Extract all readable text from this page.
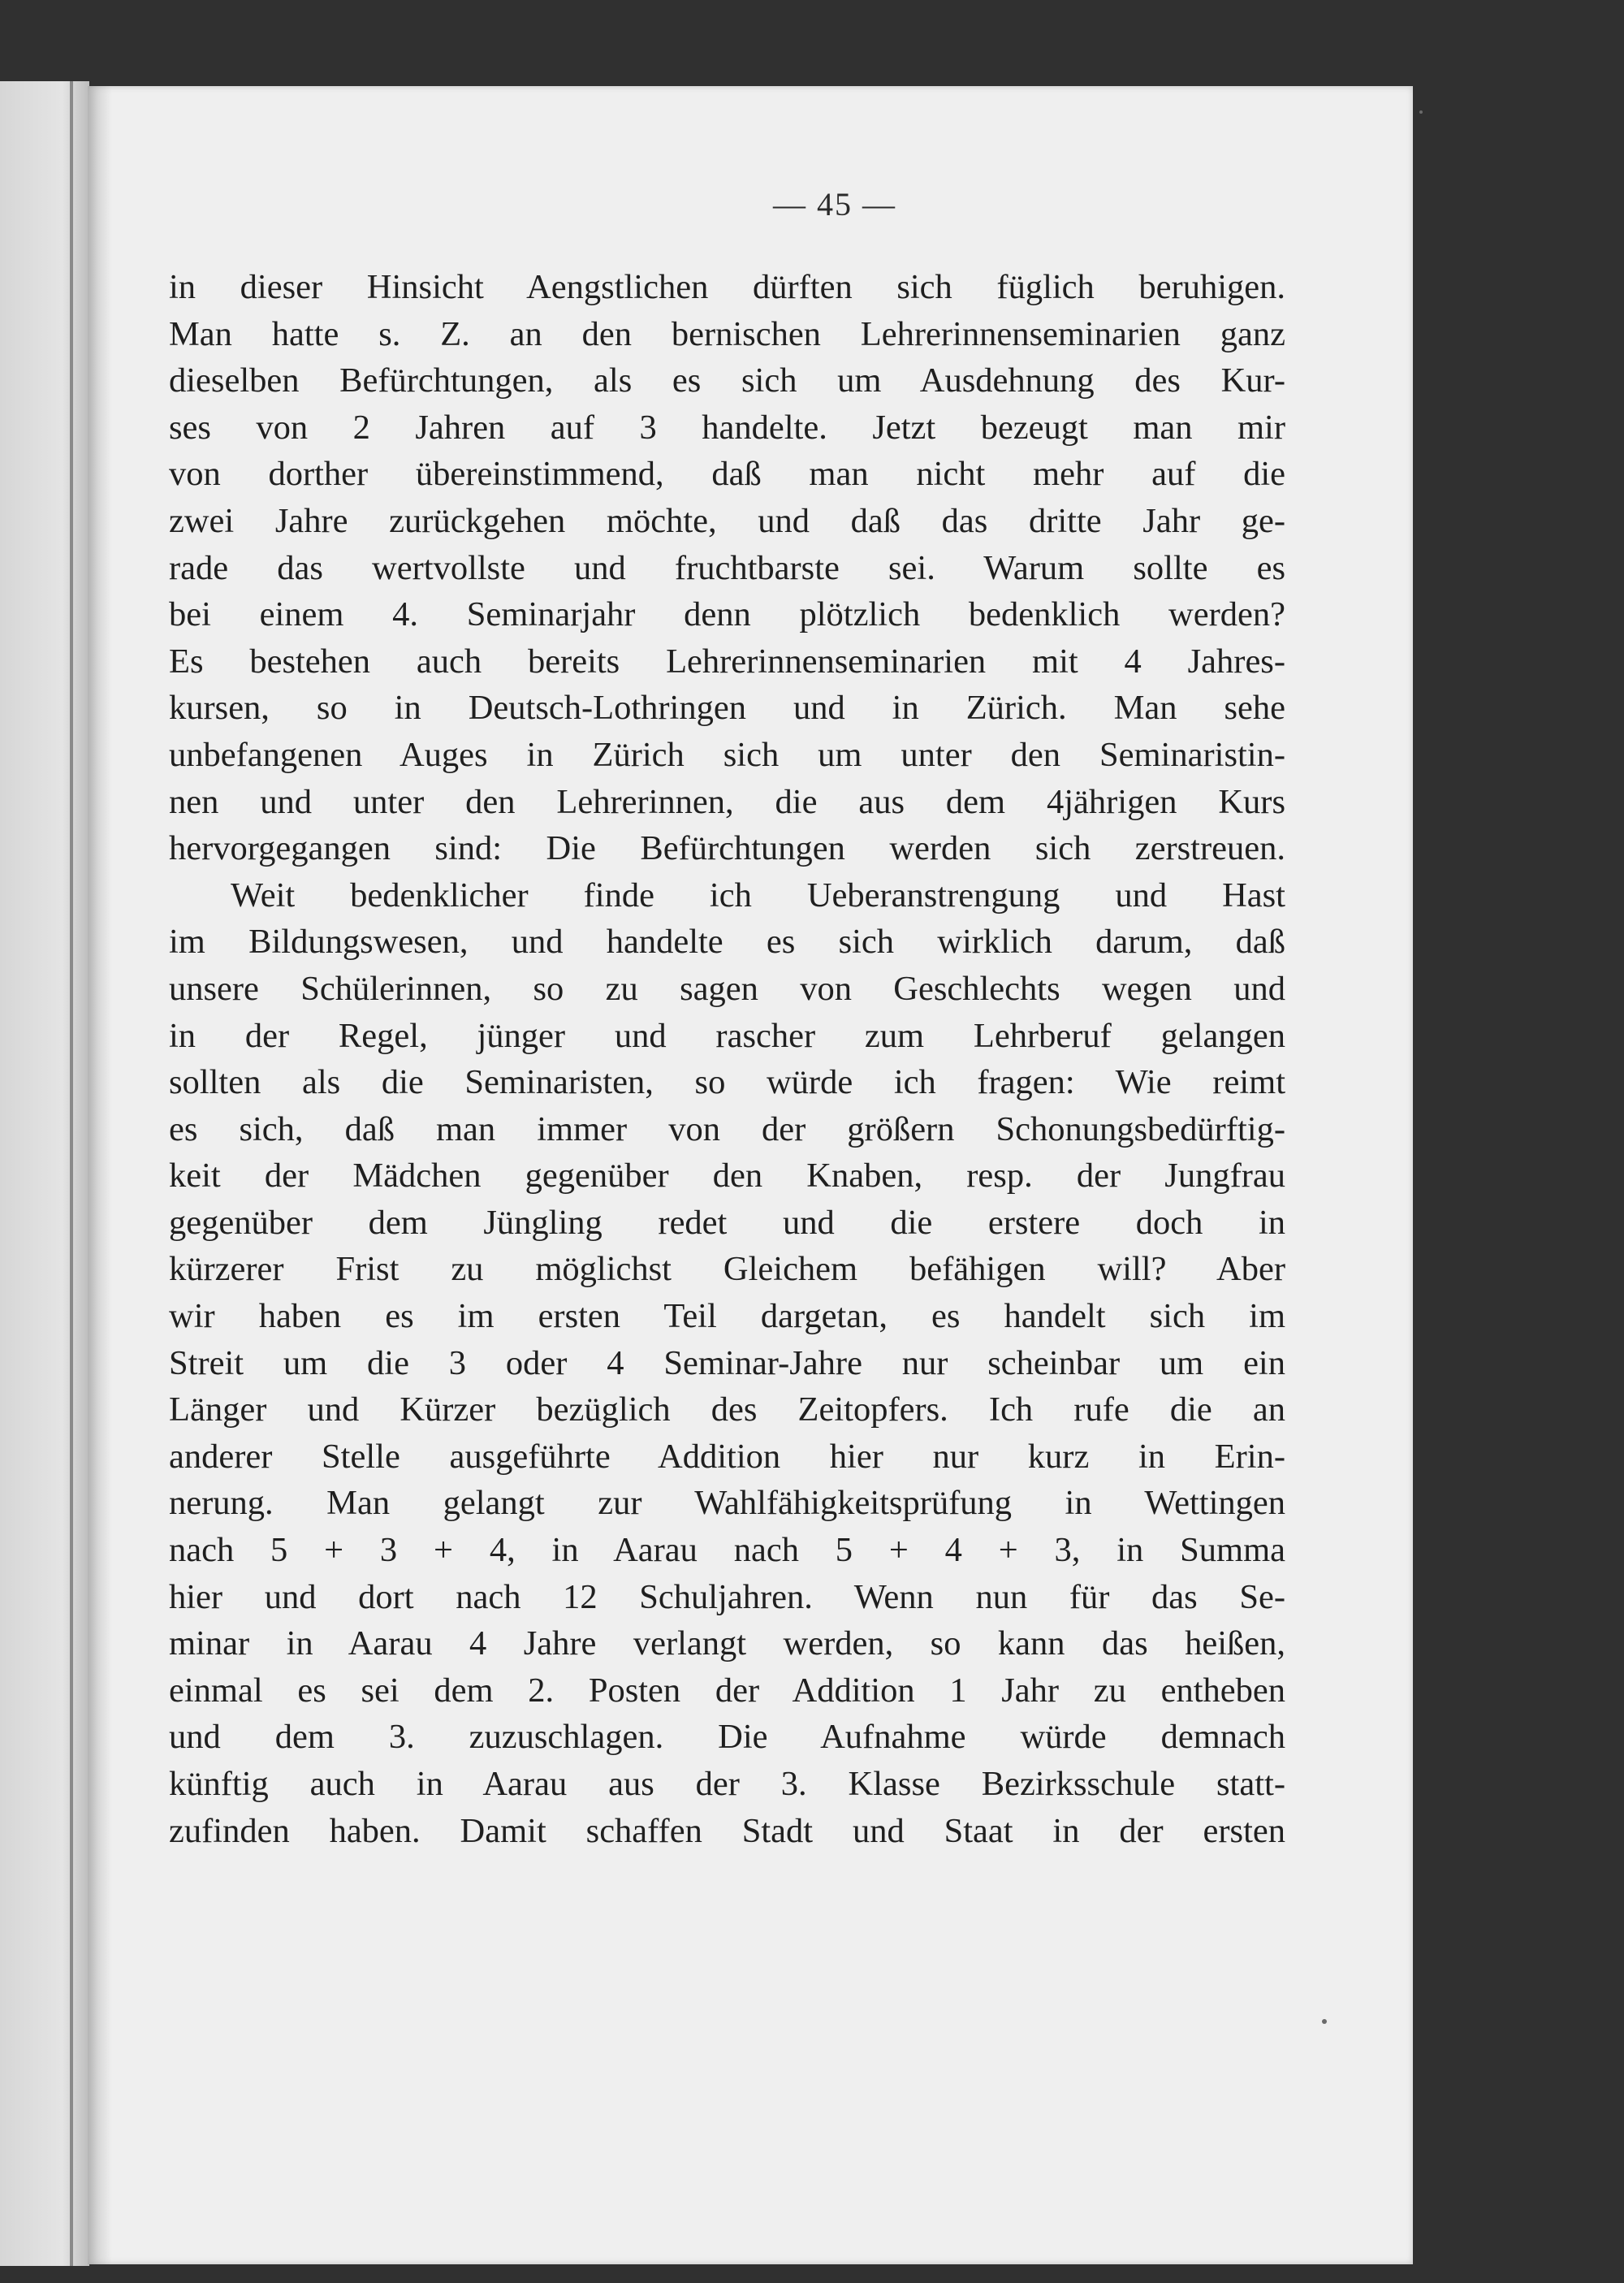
— 45 —
in dieser Hinsicht Aengstlichen dürften sich füglich beruhigen.
Man hatte s. Z. an den bernischen Lehrerinnenseminarien ganz
dieselben Befürchtungen, als es sich um Ausdehnung des Kur-
ses von 2 Jahren auf 3 handelte. Jetzt bezeugt man mir
von dorther übereinstimmend, daß man nicht mehr auf die
zwei Jahre zurückgehen möchte, und daß das dritte Jahr ge-
rade das wertvollste und fruchtbarste sei. Warum sollte es
bei einem 4. Seminarjahr denn plötzlich bedenklich werden?
Es bestehen auch bereits Lehrerinnenseminarien mit 4 Jahres-
kursen, so in Deutsch-Lothringen und in Zürich. Man sehe
unbefangenen Auges in Zürich sich um unter den Seminaristin-
nen und unter den Lehrerinnen, die aus dem 4jährigen Kurs
hervorgegangen sind: Die Befürchtungen werden sich zerstreuen.
Weit bedenklicher finde ich Ueberanstrengung und Hast
im Bildungswesen, und handelte es sich wirklich darum, daß
unsere Schülerinnen, so zu sagen von Geschlechts wegen und
in der Regel, jünger und rascher zum Lehrberuf gelangen
sollten als die Seminaristen, so würde ich fragen: Wie reimt
es sich, daß man immer von der größern Schonungsbedürftig-
keit der Mädchen gegenüber den Knaben, resp. der Jungfrau
gegenüber dem Jüngling redet und die erstere doch in
kürzerer Frist zu möglichst Gleichem befähigen will? Aber
wir haben es im ersten Teil dargetan, es handelt sich im
Streit um die 3 oder 4 Seminar-Jahre nur scheinbar um ein
Länger und Kürzer bezüglich des Zeitopfers. Ich rufe die an
anderer Stelle ausgeführte Addition hier nur kurz in Erin-
nerung. Man gelangt zur Wahlfähigkeitsprüfung in Wettingen
nach 5 + 3 + 4, in Aarau nach 5 + 4 + 3, in Summa
hier und dort nach 12 Schuljahren. Wenn nun für das Se-
minar in Aarau 4 Jahre verlangt werden, so kann das heißen,
einmal es sei dem 2. Posten der Addition 1 Jahr zu entheben
und dem 3. zuzuschlagen. Die Aufnahme würde demnach
künftig auch in Aarau aus der 3. Klasse Bezirksschule statt-
zufinden haben. Damit schaffen Stadt und Staat in der ersten
